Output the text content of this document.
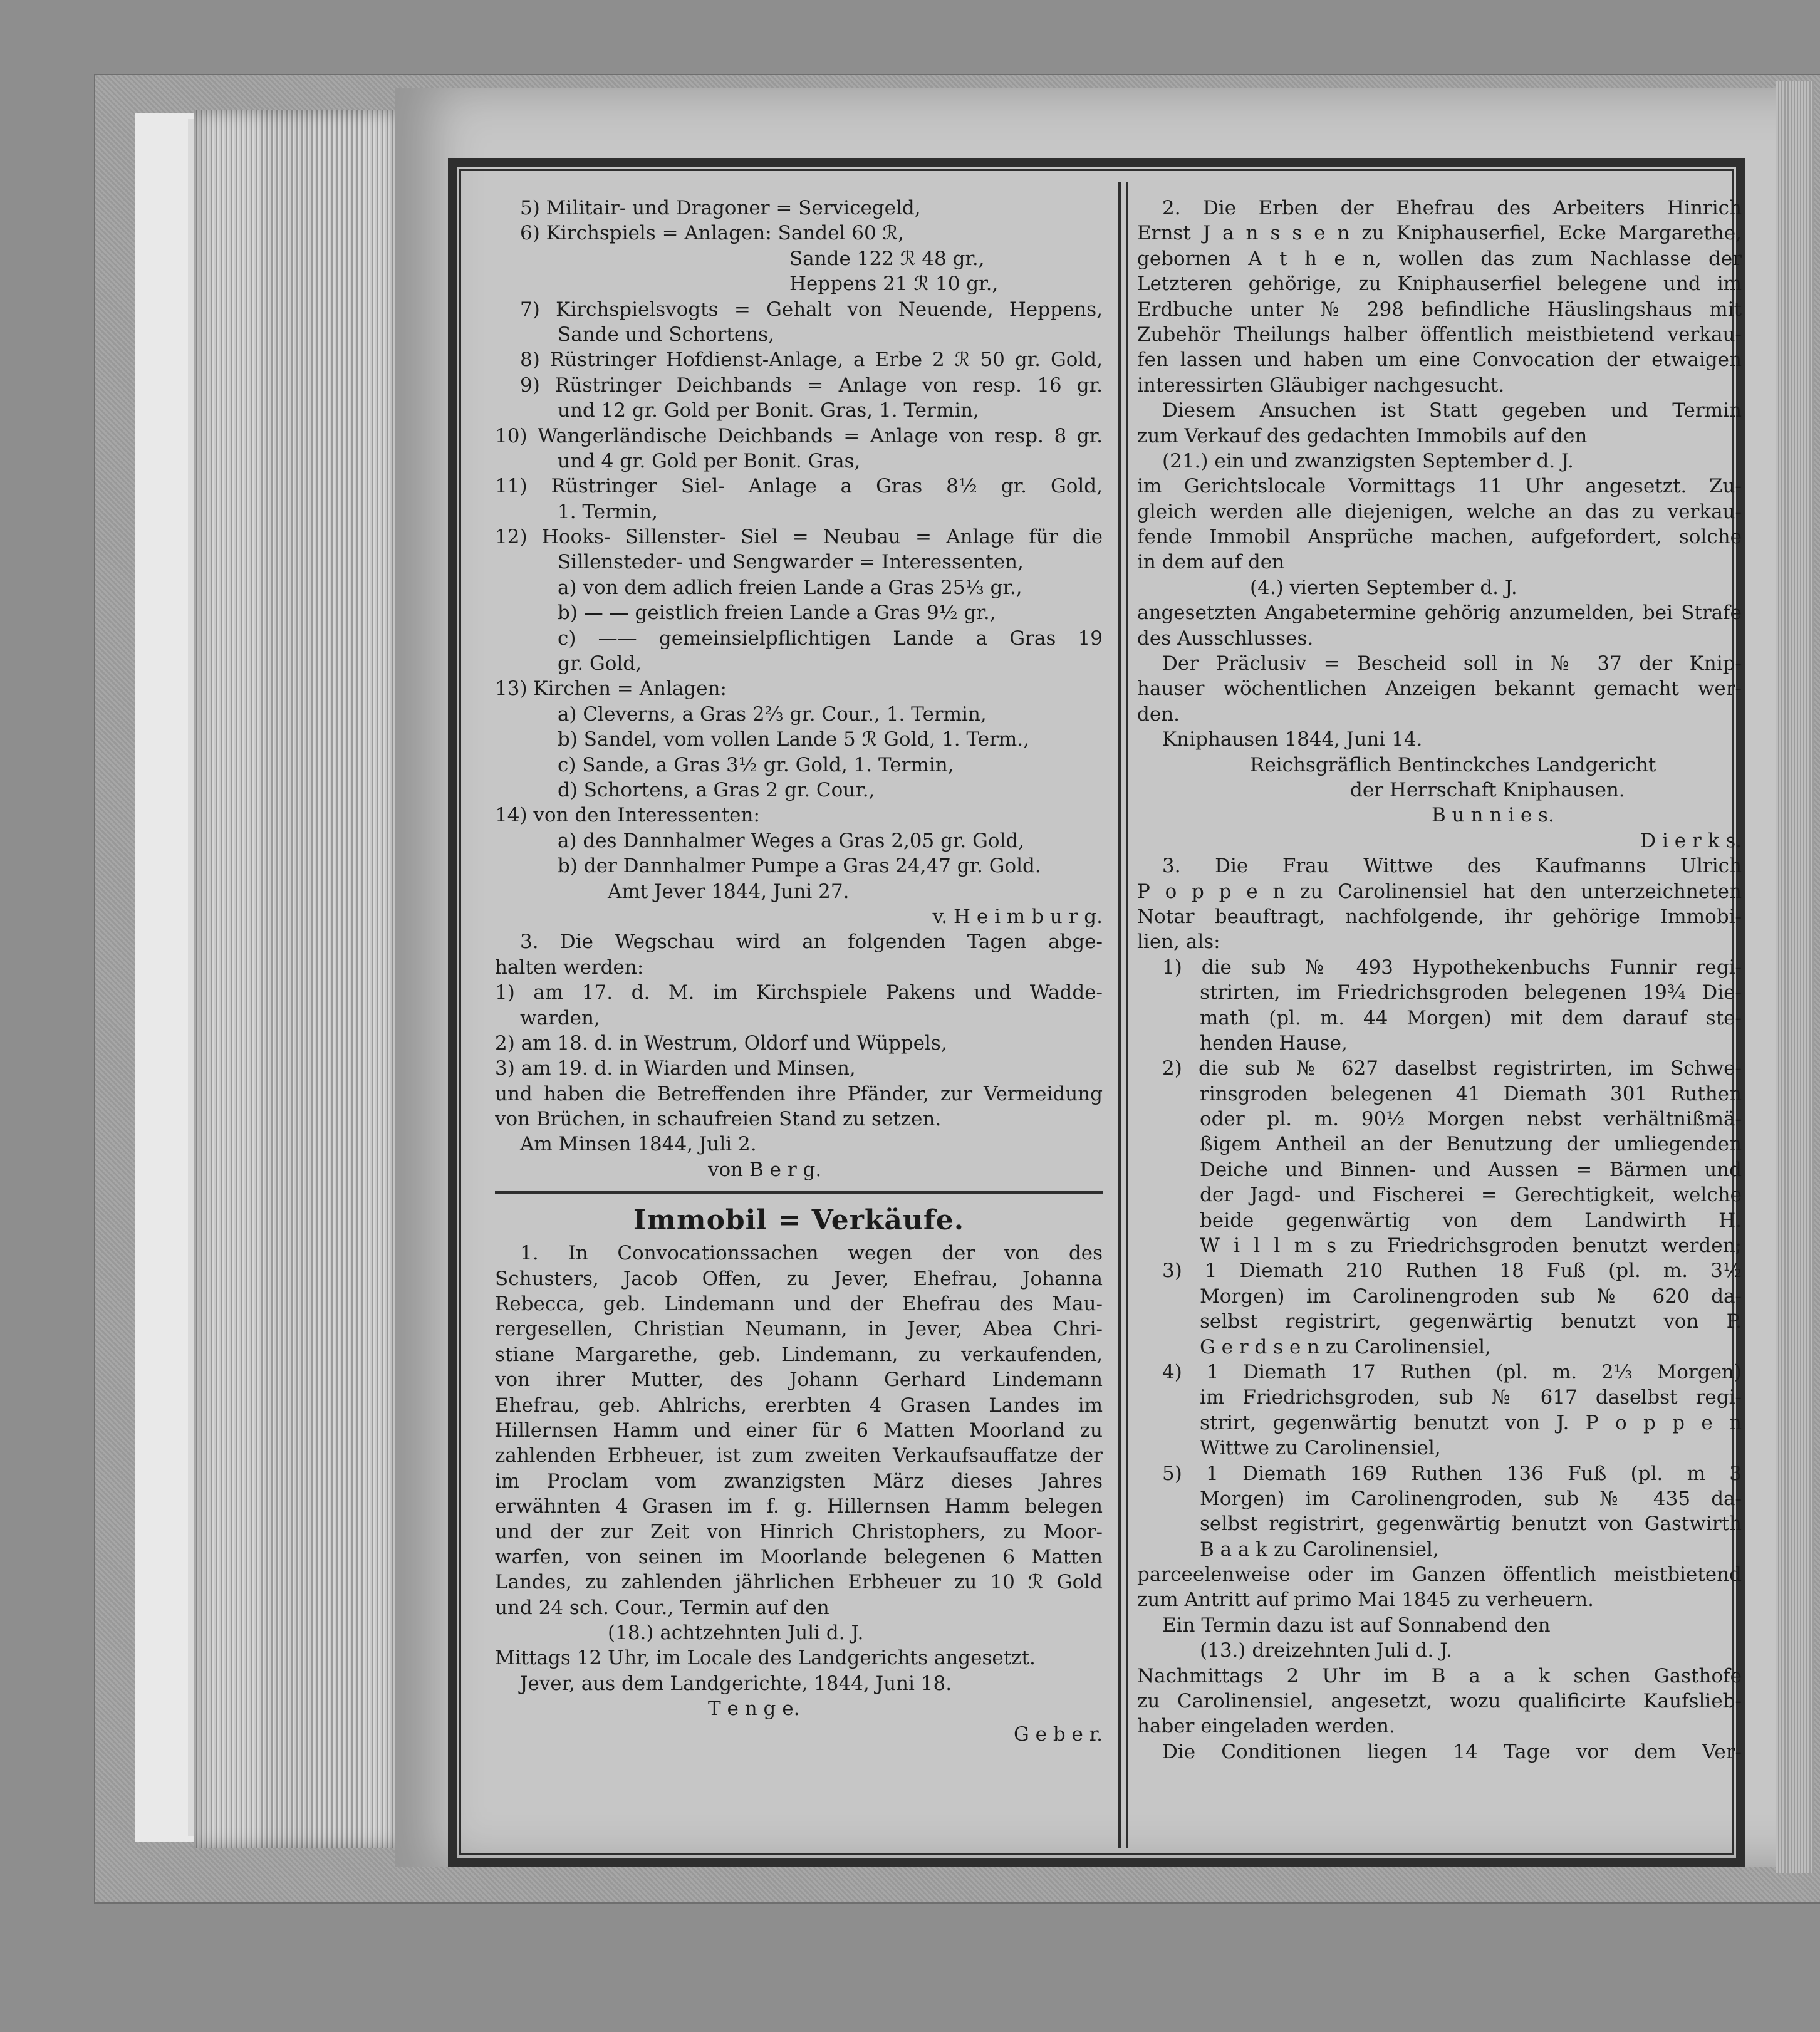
5) Militair- und Dragoner = Servicegeld,
6) Kirchspiels = Anlagen: Sandel 60 ℛ,
Sande 122 ℛ 48 gr.,
Heppens 21 ℛ 10 gr.,
7) Kirchspielsvogts = Gehalt von Neuende, Heppens,
Sande und Schortens,
8) Rüstringer Hofdienst-Anlage, a Erbe 2 ℛ 50 gr. Gold,
9) Rüstringer Deichbands = Anlage von resp. 16 gr.
und 12 gr. Gold per Bonit. Gras, 1. Termin,
10) Wangerländische Deichbands = Anlage von resp. 8 gr.
und 4 gr. Gold per Bonit. Gras,
11) Rüstringer Siel- Anlage a Gras 8½ gr. Gold,
1. Termin,
12) Hooks- Sillenster- Siel = Neubau = Anlage für die
Sillensteder- und Sengwarder = Interessenten,
a) von dem adlich freien Lande a Gras 25⅓ gr.,
b) — — geistlich freien Lande a Gras 9½ gr.,
c) —— gemeinsielpflichtigen Lande a Gras 19
gr. Gold,
13) Kirchen = Anlagen:
a) Cleverns, a Gras 2⅔ gr. Cour., 1. Termin,
b) Sandel, vom vollen Lande 5 ℛ Gold, 1. Term.,
c) Sande, a Gras 3½ gr. Gold, 1. Termin,
d) Schortens, a Gras 2 gr. Cour.,
14) von den Interessenten:
a) des Dannhalmer Weges a Gras 2,05 gr. Gold,
b) der Dannhalmer Pumpe a Gras 24,47 gr. Gold.
Amt Jever 1844, Juni 27.
v. H e i m b u r g.
3. Die Wegschau wird an folgenden Tagen abge-
halten werden:
1) am 17. d. M. im Kirchspiele Pakens und Wadde-
warden,
2) am 18. d. in Westrum, Oldorf und Wüppels,
3) am 19. d. in Wiarden und Minsen,
und haben die Betreffenden ihre Pfänder, zur Vermeidung
von Brüchen, in schaufreien Stand zu setzen.
Am Minsen 1844, Juli 2.
von B e r g.
Immobil = Verkäufe.
1. In Convocationssachen wegen der von des
Schusters, Jacob Offen, zu Jever, Ehefrau, Johanna
Rebecca, geb. Lindemann und der Ehefrau des Mau-
rergesellen, Christian Neumann, in Jever, Abea Chri-
stiane Margarethe, geb. Lindemann, zu verkaufenden,
von ihrer Mutter, des Johann Gerhard Lindemann
Ehefrau, geb. Ahlrichs, ererbten 4 Grasen Landes im
Hillernsen Hamm und einer für 6 Matten Moorland zu
zahlenden Erbheuer, ist zum zweiten Verkaufsauffatze der
im Proclam vom zwanzigsten März dieses Jahres
erwähnten 4 Grasen im f. g. Hillernsen Hamm belegen
und der zur Zeit von Hinrich Christophers, zu Moor-
warfen, von seinen im Moorlande belegenen 6 Matten
Landes, zu zahlenden jährlichen Erbheuer zu 10 ℛ Gold
und 24 sch. Cour., Termin auf den
(18.) achtzehnten Juli d. J.
Mittags 12 Uhr, im Locale des Landgerichts angesetzt.
Jever, aus dem Landgerichte, 1844, Juni 18.
T e n g e.
G e b e r.
2. Die Erben der Ehefrau des Arbeiters Hinrich
Ernst J a n s s e n zu Kniphauserfiel, Ecke Margarethe,
gebornen A t h e n, wollen das zum Nachlasse der
Letzteren gehörige, zu Kniphauserfiel belegene und im
Erdbuche unter № 298 befindliche Häuslingshaus mit
Zubehör Theilungs halber öffentlich meistbietend verkau-
fen lassen und haben um eine Convocation der etwaigen
interessirten Gläubiger nachgesucht.
Diesem Ansuchen ist Statt gegeben und Termin
zum Verkauf des gedachten Immobils auf den
(21.) ein und zwanzigsten September d. J.
im Gerichtslocale Vormittags 11 Uhr angesetzt. Zu-
gleich werden alle diejenigen, welche an das zu verkau-
fende Immobil Ansprüche machen, aufgefordert, solche
in dem auf den
(4.) vierten September d. J.
angesetzten Angabetermine gehörig anzumelden, bei Strafe
des Ausschlusses.
Der Präclusiv = Bescheid soll in № 37 der Knip-
hauser wöchentlichen Anzeigen bekannt gemacht wer-
den.
Kniphausen 1844, Juni 14.
Reichsgräflich Bentinckches Landgericht
der Herrschaft Kniphausen.
B u n n i e s.
D i e r k s.
3. Die Frau Wittwe des Kaufmanns Ulrich
P o p p e n zu Carolinensiel hat den unterzeichneten
Notar beauftragt, nachfolgende, ihr gehörige Immobi-
lien, als:
1) die sub № 493 Hypothekenbuchs Funnir regi-
strirten, im Friedrichsgroden belegenen 19¾ Die-
math (pl. m. 44 Morgen) mit dem darauf ste-
henden Hause,
2) die sub № 627 daselbst registrirten, im Schwe-
rinsgroden belegenen 41 Diemath 301 Ruthen
oder pl. m. 90½ Morgen nebst verhältnißmä-
ßigem Antheil an der Benutzung der umliegenden
Deiche und Binnen- und Aussen = Bärmen und
der Jagd- und Fischerei = Gerechtigkeit, welche
beide gegenwärtig von dem Landwirth H.
W i l l m s zu Friedrichsgroden benutzt werden;
3) 1 Diemath 210 Ruthen 18 Fuß (pl. m. 3½
Morgen) im Carolinengroden sub № 620 da-
selbst registrirt, gegenwärtig benutzt von P.
G e r d s e n zu Carolinensiel,
4) 1 Diemath 17 Ruthen (pl. m. 2⅓ Morgen)
im Friedrichsgroden, sub № 617 daselbst regi-
strirt, gegenwärtig benutzt von J. P o p p e n
Wittwe zu Carolinensiel,
5) 1 Diemath 169 Ruthen 136 Fuß (pl. m 3
Morgen) im Carolinengroden, sub № 435 da-
selbst registrirt, gegenwärtig benutzt von Gastwirth
B a a k zu Carolinensiel,
parceelenweise oder im Ganzen öffentlich meistbietend
zum Antritt auf primo Mai 1845 zu verheuern.
Ein Termin dazu ist auf Sonnabend den
(13.) dreizehnten Juli d. J.
Nachmittags 2 Uhr im B a a k schen Gasthofe
zu Carolinensiel, angesetzt, wozu qualificirte Kaufslieb-
haber eingeladen werden.
Die Conditionen liegen 14 Tage vor dem Ver-
